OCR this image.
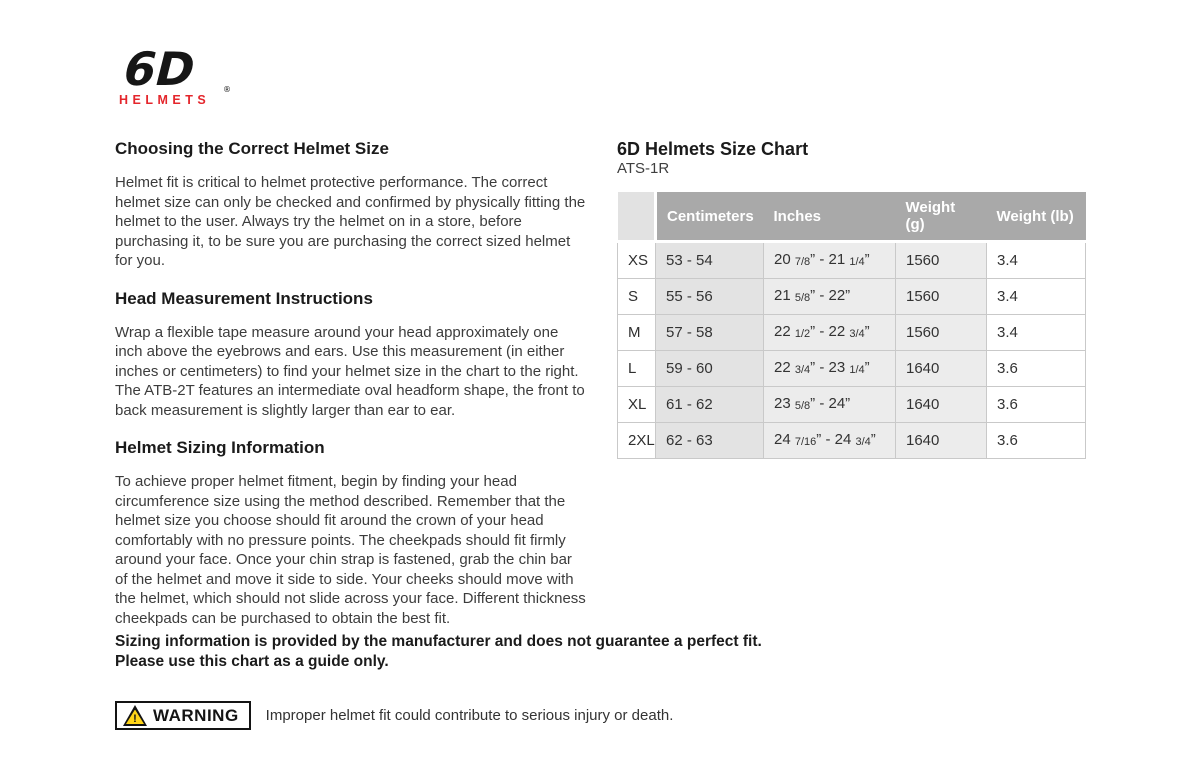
6D	®
HELMETS
Choosing the Correct Helmet Size

Helmet fit is critical to helmet protective performance. The correct helmet size can only be checked and confirmed by physically fitting the helmet to the user. Always try the helmet on in a store, before purchasing it, to be sure you are purchasing the correct sized helmet for you.

Head Measurement Instructions

Wrap a flexible tape measure around your head approximately one inch above the eyebrows and ears. Use this measurement (in either inches or centimeters) to find your helmet size in the chart to the right. The ATB-2T features an intermediate oval headform shape, the front to back measurement is slightly larger than ear to ear.

Helmet Sizing Information

To achieve proper helmet fitment, begin by finding your head circumference size using the method described. Remember that the helmet size you choose should fit around the crown of your head comfortably with no pressure points. The cheekpads should fit firmly around your face. Once your chin strap is fastened, grab the chin bar of the helmet and move it side to side. Your cheeks should move with the helmet, which should not slide across your face. Different thickness cheekpads can be purchased to obtain the best fit.

6D Helmets Size Chart
ATS-1R
	Centimeters	Inches	Weight (g)	Weight (lb)
XS	53 - 54	20 7/8” - 21 1/4”	1560	3.4
S	55 - 56	21 5/8” - 22”	1560	3.4
M	57 - 58	22 1/2” - 22 3/4”	1560	3.4
L	59 - 60	22 3/4” - 23 1/4”	1640	3.6
XL	61 - 62	23 5/8” - 24”	1640	3.6
2XL	62 - 63	24 7/16” - 24 3/4”	1640	3.6
Sizing information is provided by the manufacturer and does not guarantee a perfect fit.
Please use this chart as a guide only.
! WARNING Improper helmet fit could contribute to serious injury or death.
